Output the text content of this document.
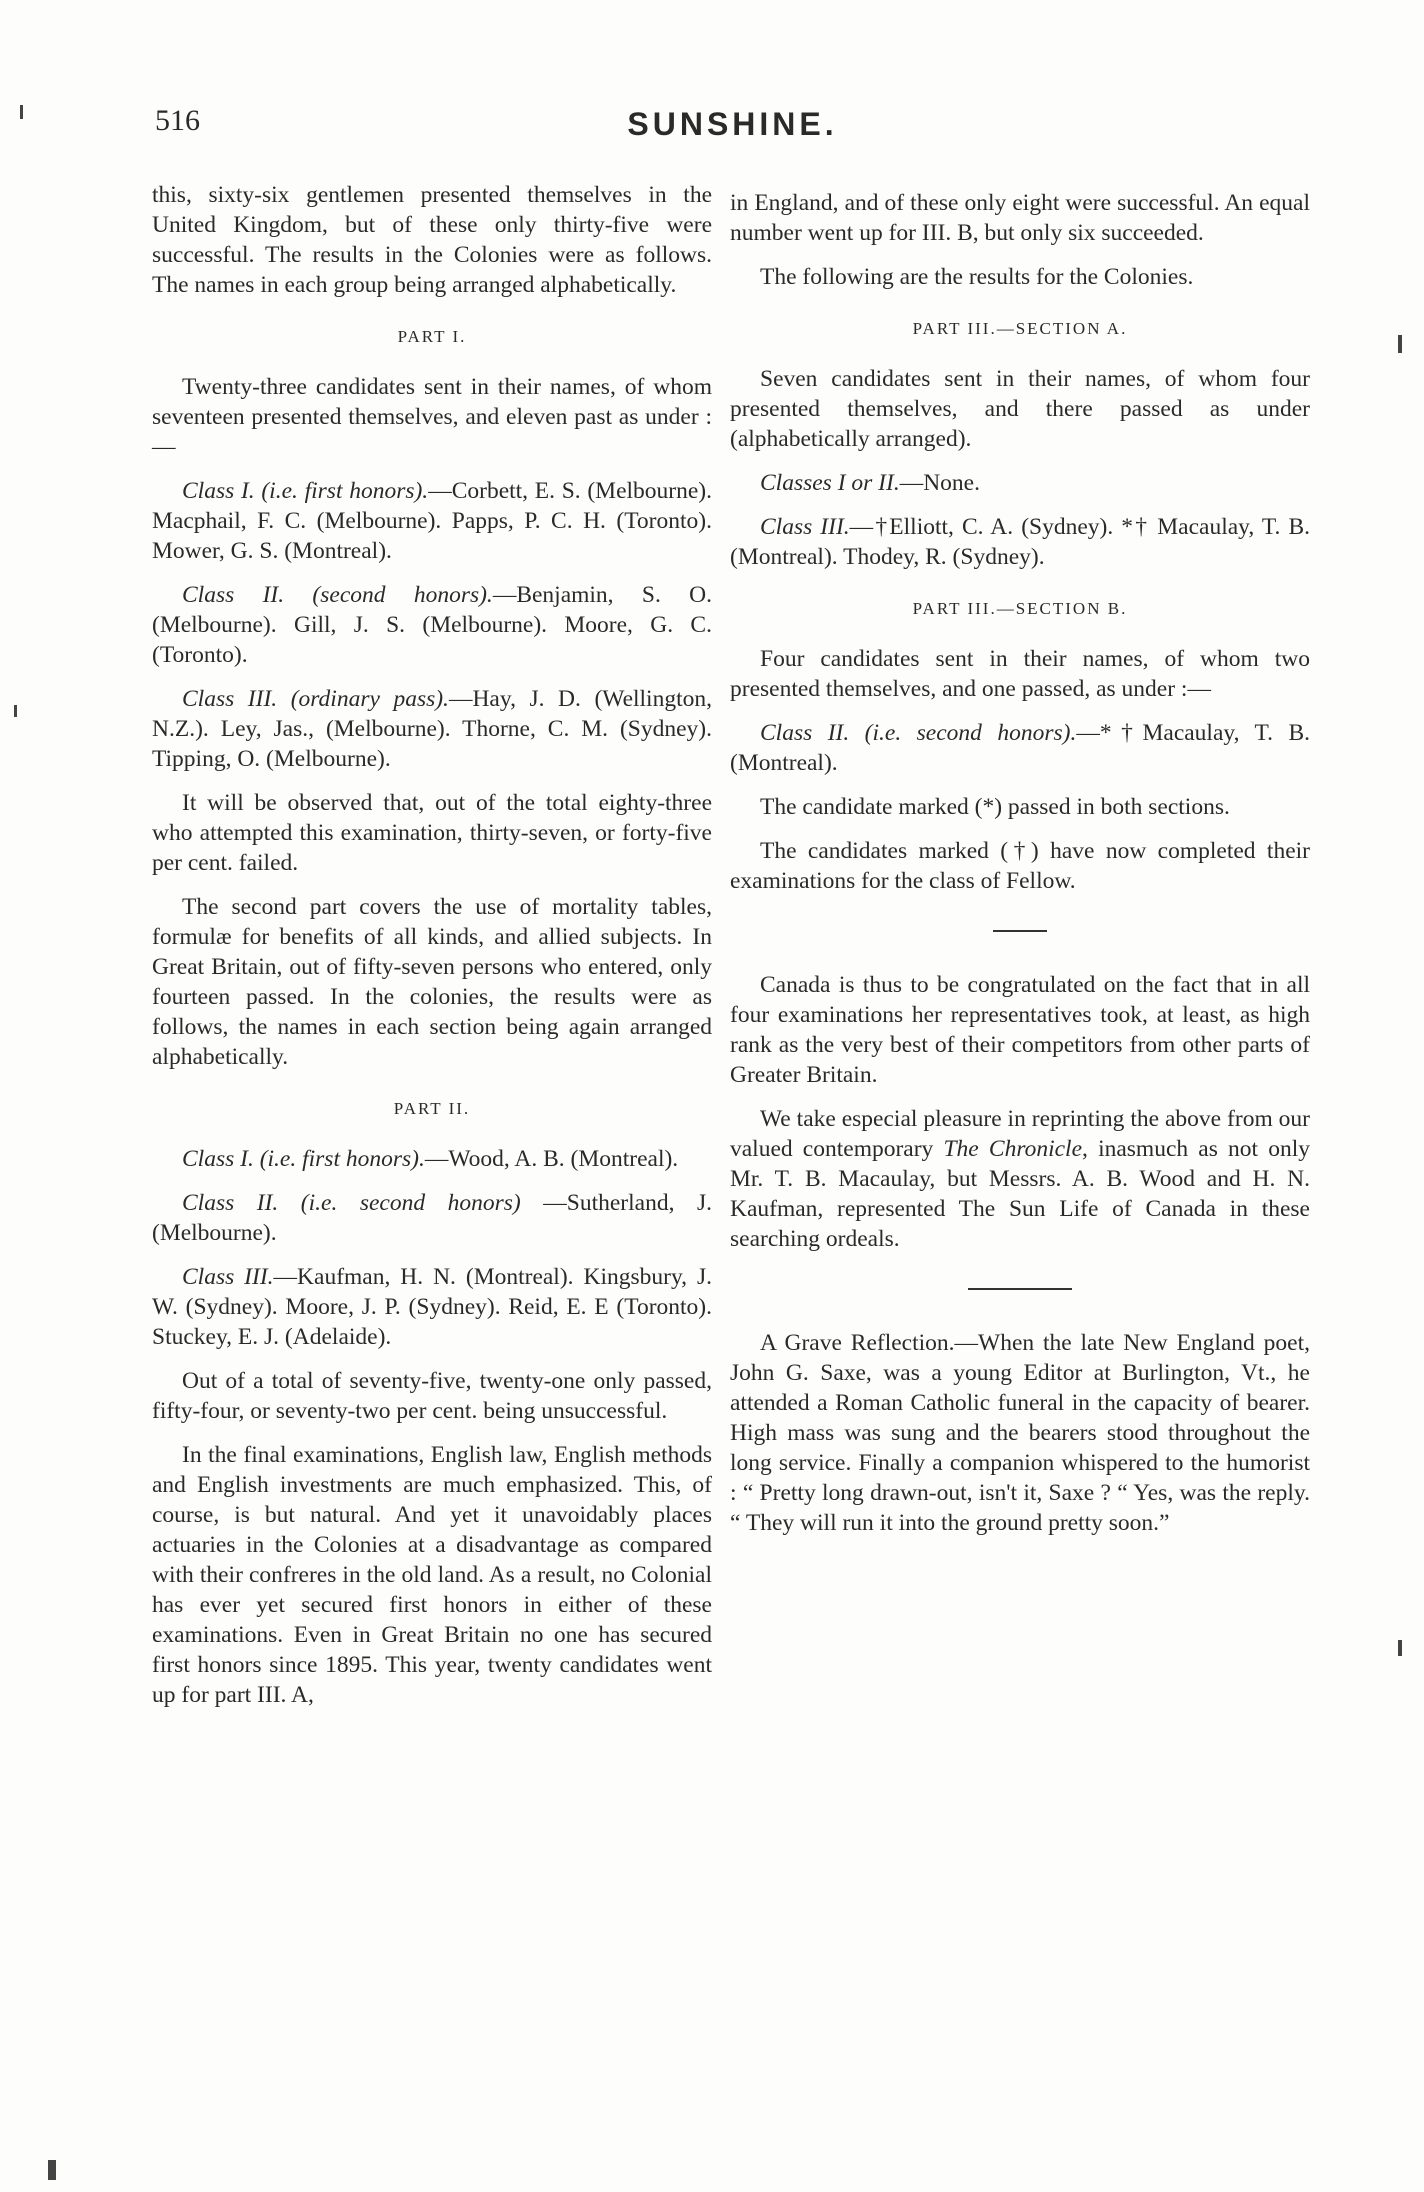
516	SUNSHINE.

this, sixty-six gentlemen presented themselves in the United Kingdom, but of these only thirty-five were successful. The results in the Colonies were as follows. The names in each group being arranged alphabetically.

PART I.

Twenty-three candidates sent in their names, of whom seventeen presented themselves, and eleven past as under :—

Class I. (i.e. first honors).—Corbett, E. S. (Melbourne). Macphail, F. C. (Melbourne). Papps, P. C. H. (Toronto). Mower, G. S. (Montreal).

Class II. (second honors).—Benjamin, S. O. (Melbourne). Gill, J. S. (Melbourne). Moore, G. C. (Toronto).

Class III. (ordinary pass).—Hay, J. D. (Wellington, N.Z.). Ley, Jas., (Melbourne). Thorne, C. M. (Sydney). Tipping, O. (Melbourne).

It will be observed that, out of the total eighty-three who attempted this examination, thirty-seven, or forty-five per cent. failed.

The second part covers the use of mortality tables, formulæ for benefits of all kinds, and allied subjects. In Great Britain, out of fifty-seven persons who entered, only fourteen passed. In the colonies, the results were as follows, the names in each section being again arranged alphabetically.

PART II.

Class I. (i.e. first honors).—Wood, A. B. (Montreal).

Class II. (i.e. second honors) —Sutherland, J. (Melbourne).

Class III.—Kaufman, H. N. (Montreal). Kingsbury, J. W. (Sydney). Moore, J. P. (Sydney). Reid, E. E (Toronto). Stuckey, E. J. (Adelaide).

Out of a total of seventy-five, twenty-one only passed, fifty-four, or seventy-two per cent. being unsuccessful.

In the final examinations, English law, English methods and English investments are much emphasized. This, of course, is but natural. And yet it unavoidably places actuaries in the Colonies at a disadvantage as compared with their confreres in the old land. As a result, no Colonial has ever yet secured first honors in either of these examinations. Even in Great Britain no one has secured first honors since 1895. This year, twenty candidates went up for part III. A,

in England, and of these only eight were successful. An equal number went up for III. B, but only six succeeded.

The following are the results for the Colonies.

PART III.—SECTION A.

Seven candidates sent in their names, of whom four presented themselves, and there passed as under (alphabetically arranged).

Classes I or II.—None.

Class III.—†Elliott, C. A. (Sydney). *† Macaulay, T. B. (Montreal). Thodey, R. (Sydney).

PART III.—SECTION B.

Four candidates sent in their names, of whom two presented themselves, and one passed, as under :—

Class II. (i.e. second honors).—*†Macaulay, T. B. (Montreal).

The candidate marked (*) passed in both sections.

The candidates marked (†) have now completed their examinations for the class of Fellow.

Canada is thus to be congratulated on the fact that in all four examinations her representatives took, at least, as high rank as the very best of their competitors from other parts of Greater Britain.

We take especial pleasure in reprinting the above from our valued contemporary The Chronicle, inasmuch as not only Mr. T. B. Macaulay, but Messrs. A. B. Wood and H. N. Kaufman, represented The Sun Life of Canada in these searching ordeals.

A Grave Reflection.—When the late New England poet, John G. Saxe, was a young Editor at Burlington, Vt., he attended a Roman Catholic funeral in the capacity of bearer. High mass was sung and the bearers stood throughout the long service. Finally a companion whispered to the humorist : “ Pretty long drawn-out, isn't it, Saxe ? “ Yes, was the reply. “ They will run it into the ground pretty soon.”
